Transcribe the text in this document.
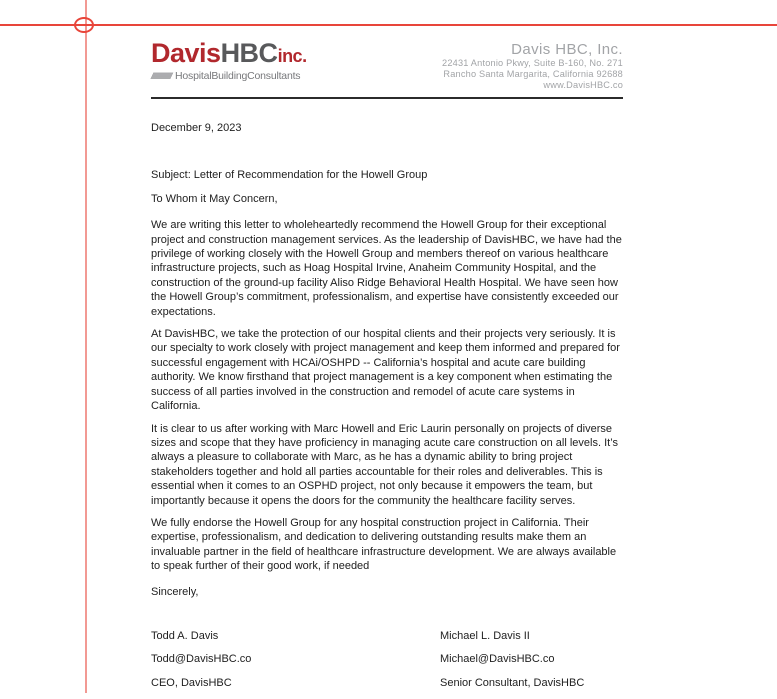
DavisHBCinc.
//////////////////// HospitalBuildingConsultants
Davis HBC, Inc.
22431 Antonio Pkwy, Suite B-160, No. 271
Rancho Santa Margarita, California 92688
www.DavisHBC.co
December 9, 2023
Subject: Letter of Recommendation for the Howell Group
To Whom it May Concern,

We are writing this letter to wholeheartedly recommend the Howell Group for their exceptional project and construction management services. As the leadership of DavisHBC, we have had the privilege of working closely with the Howell Group and members thereof on various healthcare infrastructure projects, such as Hoag Hospital Irvine, Anaheim Community Hospital, and the construction of the ground-up facility Aliso Ridge Behavioral Health Hospital. We have seen how the Howell Group’s commitment, professionalism, and expertise have consistently exceeded our expectations.

At DavisHBC, we take the protection of our hospital clients and their projects very seriously. It is our specialty to work closely with project management and keep them informed and prepared for successful engagement with HCAi/OSHPD -- California’s hospital and acute care building authority. We know firsthand that project management is a key component when estimating the success of all parties involved in the construction and remodel of acute care systems in California.

It is clear to us after working with Marc Howell and Eric Laurin personally on projects of diverse sizes and scope that they have proficiency in managing acute care construction on all levels. It’s always a pleasure to collaborate with Marc, as he has a dynamic ability to bring project stakeholders together and hold all parties accountable for their roles and deliverables. This is essential when it comes to an OSPHD project, not only because it empowers the team, but importantly because it opens the doors for the community the healthcare facility serves.

We fully endorse the Howell Group for any hospital construction project in California. Their expertise, professionalism, and dedication to delivering outstanding results make them an invaluable partner in the field of healthcare infrastructure development. We are always available to speak further of their good work, if needed

Sincerely,
Todd A. Davis
Todd@DavisHBC.co
CEO, DavisHBC
Michael L. Davis II
Michael@DavisHBC.co
Senior Consultant, DavisHBC
